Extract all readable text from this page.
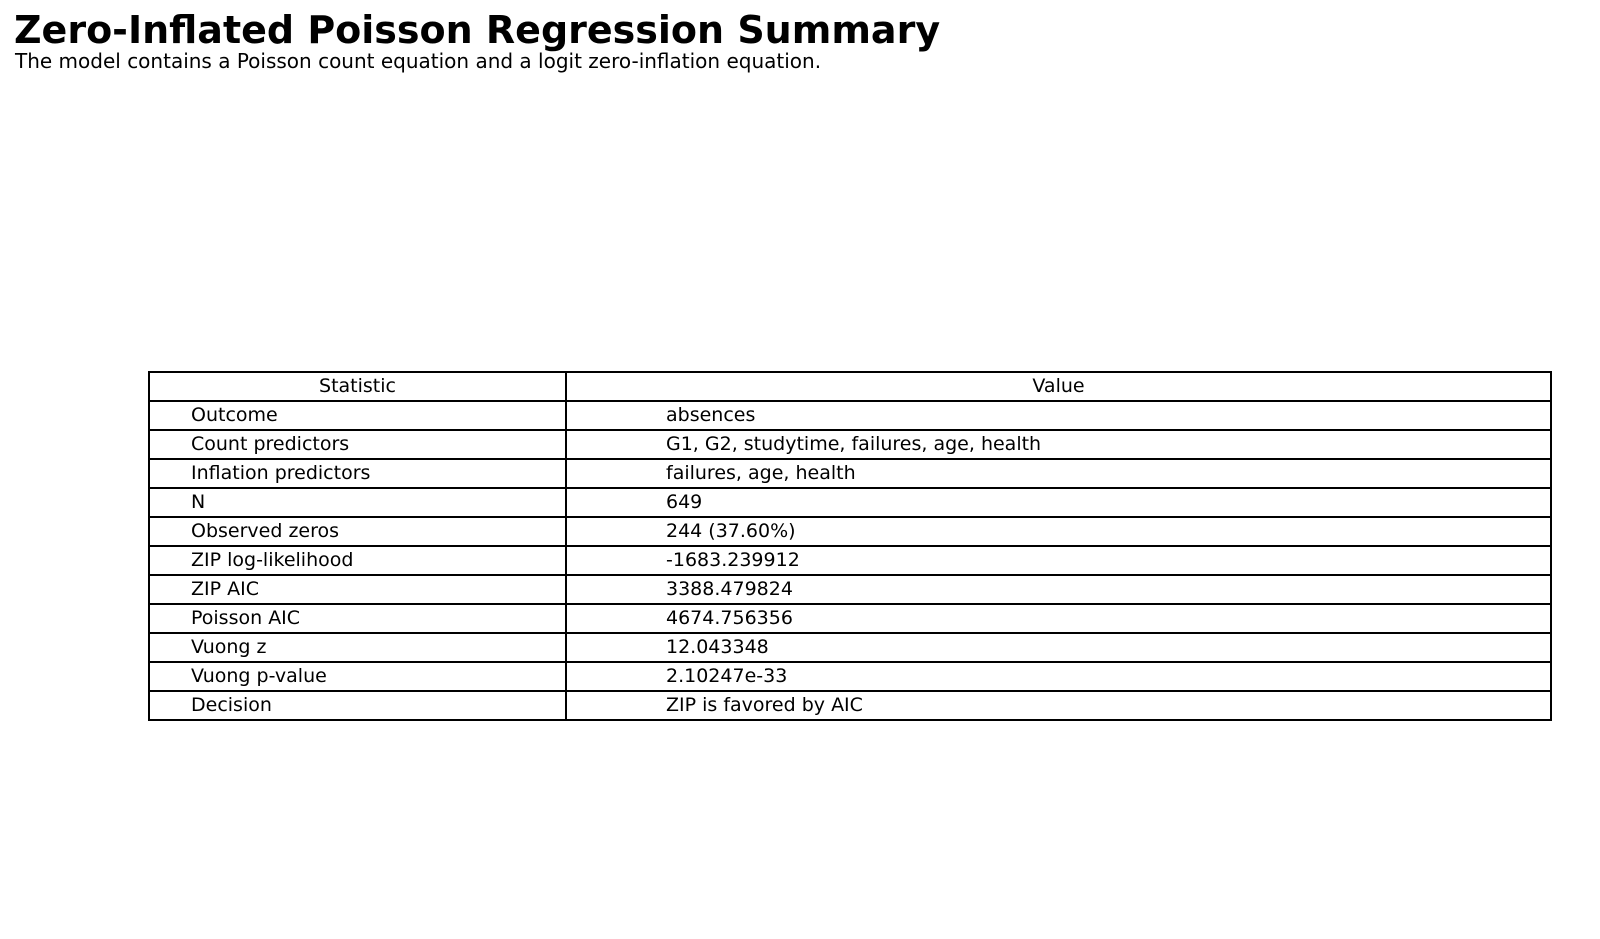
Zero-Inflated Poisson Regression Summary
The model contains a Poisson count equation and a logit zero-inflation equation.
Statistic	Value
Outcome	absences
Count predictors	G1, G2, studytime, failures, age, health
Inflation predictors	failures, age, health
N	649
Observed zeros	244 (37.60%)
ZIP log-likelihood	-1683.239912
ZIP AIC	3388.479824
Poisson AIC	4674.756356
Vuong z	12.043348
Vuong p-value	2.10247e-33
Decision	ZIP is favored by AIC
